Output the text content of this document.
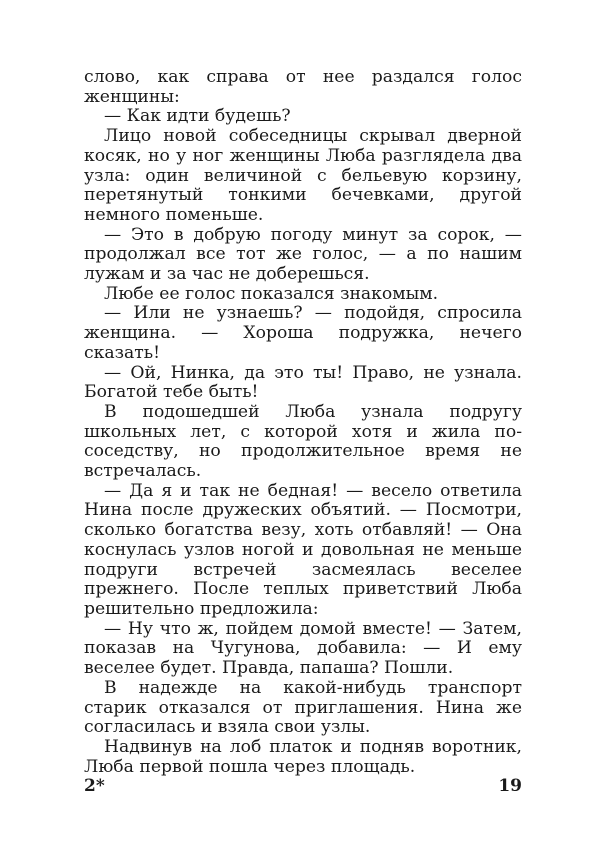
слово, как справа от нее раздался голос женщины:

— Как идти будешь?

Лицо новой собеседницы скрывал дверной косяк, но у ног женщины Люба разглядела два узла: один величиной с бельевую корзину, перетянутый тонкими бечевками, другой немного поменьше.

— Это в добрую погоду минут за сорок, — продолжал все тот же голос, — а по нашим лужам и за час не доберешься.

Любе ее голос показался знакомым.

— Или не узнаешь? — подойдя, спросила женщина. — Хороша подружка, нечего сказать!

— Ой, Нинка, да это ты! Право, не узнала. Богатой тебе быть!

В подошедшей Люба узнала подругу школьных лет, с которой хотя и жила по-соседству, но продолжительное время не встречалась.

— Да я и так не бедная! — весело ответила Нина после дружеских объятий. — Посмотри, сколько богатства везу, хоть отбавляй! — Она коснулась узлов ногой и довольная не меньше подруги встречей засмеялась веселее прежнего. После теплых приветствий Люба решительно предложила:

— Ну что ж, пойдем домой вместе! — Затем, показав на Чугунова, добавила: — И ему веселее будет. Правда, папаша? Пошли.

В надежде на какой-нибудь транспорт старик отказался от приглашения. Нина же согласилась и взяла свои узлы.

Надвинув на лоб платок и подняв воротник, Люба первой пошла через площадь.

2*	19
